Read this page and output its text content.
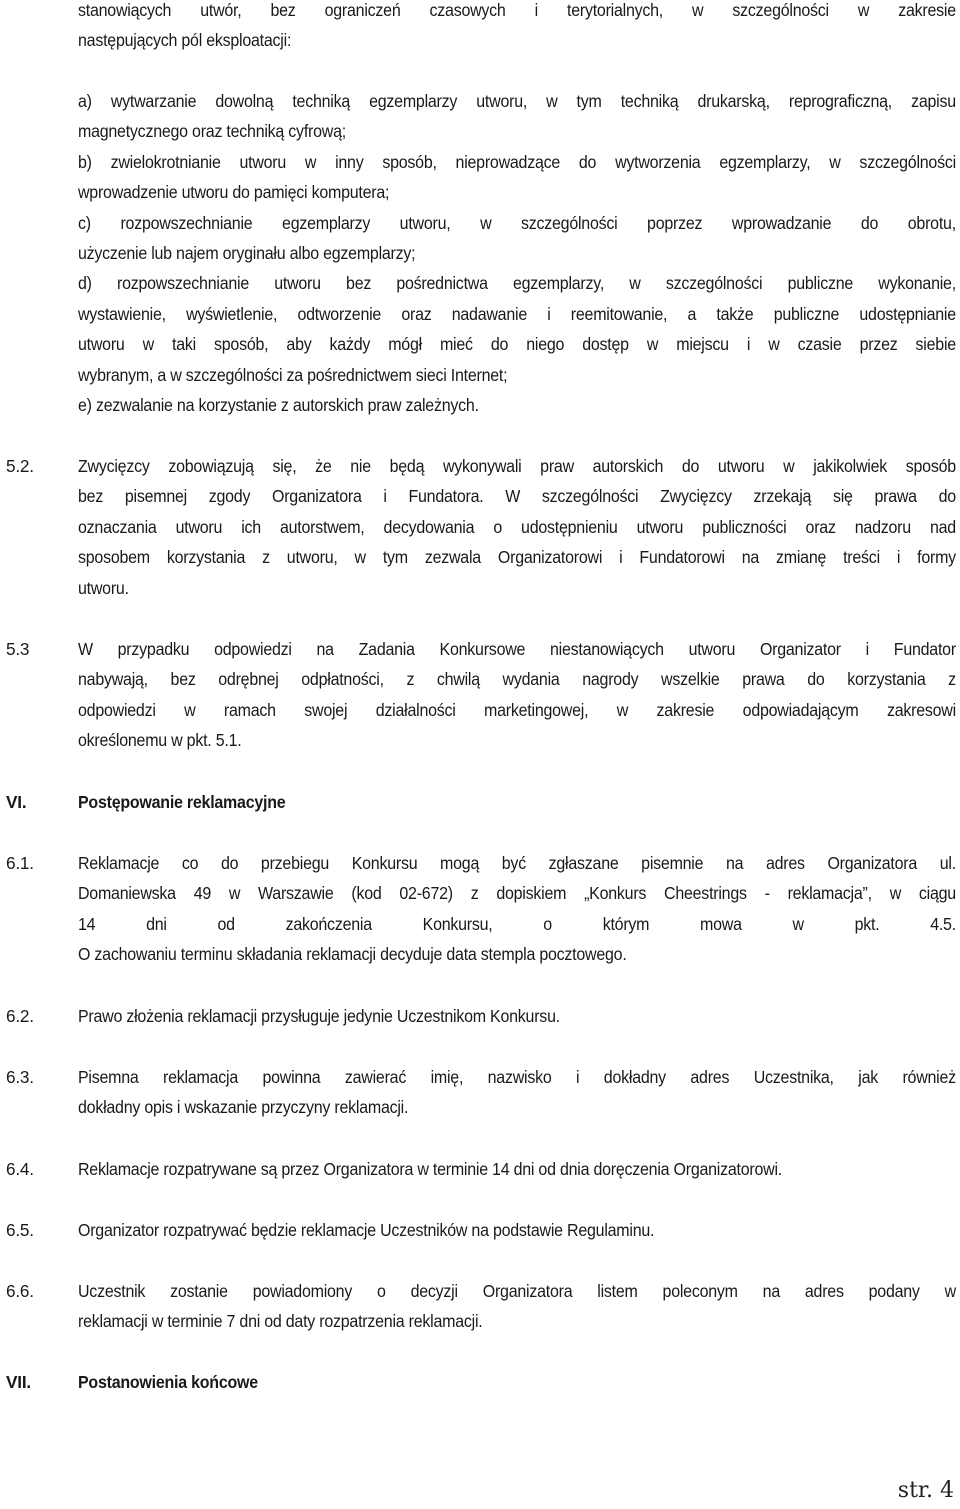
stanowiących utwór, bez ograniczeń czasowych i terytorialnych, w szczególności w zakresie
następujących pól eksploatacji:
a) wytwarzanie dowolną techniką egzemplarzy utworu, w tym techniką drukarską, reprograficzną, zapisu
magnetycznego oraz techniką cyfrową;
b) zwielokrotnianie utworu w inny sposób, nieprowadzące do wytworzenia egzemplarzy, w szczególności
wprowadzenie utworu do pamięci komputera;
c) rozpowszechnianie egzemplarzy utworu, w szczególności poprzez wprowadzanie do obrotu,
użyczenie lub najem oryginału albo egzemplarzy;
d) rozpowszechnianie utworu bez pośrednictwa egzemplarzy, w szczególności publiczne wykonanie,
wystawienie, wyświetlenie, odtworzenie oraz nadawanie i reemitowanie, a także publiczne udostępnianie
utworu w taki sposób, aby każdy mógł mieć do niego dostęp w miejscu i w czasie przez siebie
wybranym, a w szczególności za pośrednictwem sieci Internet;
e) zezwalanie na korzystanie z autorskich praw zależnych.
5.2.	Zwycięzcy zobowiązują się, że nie będą wykonywali praw autorskich do utworu w jakikolwiek sposób
bez pisemnej zgody Organizatora i Fundatora. W szczególności Zwycięzcy zrzekają się prawa do
oznaczania utworu ich autorstwem, decydowania o udostępnieniu utworu publiczności oraz nadzoru nad
sposobem korzystania z utworu, w tym zezwala Organizatorowi i Fundatorowi na zmianę treści i formy
utworu.
5.3	W przypadku odpowiedzi na Zadania Konkursowe niestanowiących utworu Organizator i Fundator
nabywają, bez odrębnej odpłatności, z chwilą wydania nagrody wszelkie prawa do korzystania z
odpowiedzi w ramach swojej działalności marketingowej, w zakresie odpowiadającym zakresowi
określonemu w pkt. 5.1.
VI.	Postępowanie reklamacyjne
6.1.	Reklamacje co do przebiegu Konkursu mogą być zgłaszane pisemnie na adres Organizatora ul.
Domaniewska 49 w Warszawie (kod 02-672) z dopiskiem „Konkurs Cheestrings - reklamacja”, w ciągu
14 dni od zakończenia Konkursu, o którym mowa w pkt. 4.5.
O zachowaniu terminu składania reklamacji decyduje data stempla pocztowego.
6.2.	Prawo złożenia reklamacji przysługuje jedynie Uczestnikom Konkursu.
6.3.	Pisemna reklamacja powinna zawierać imię, nazwisko i dokładny adres Uczestnika, jak również
dokładny opis i wskazanie przyczyny reklamacji.
6.4.	Reklamacje rozpatrywane są przez Organizatora w terminie 14 dni od dnia doręczenia Organizatorowi.
6.5.	Organizator rozpatrywać będzie reklamacje Uczestników na podstawie Regulaminu.
6.6.	Uczestnik zostanie powiadomiony o decyzji Organizatora listem poleconym na adres podany w
reklamacji w terminie 7 dni od daty rozpatrzenia reklamacji.
VII.	Postanowienia końcowe
str. 4
